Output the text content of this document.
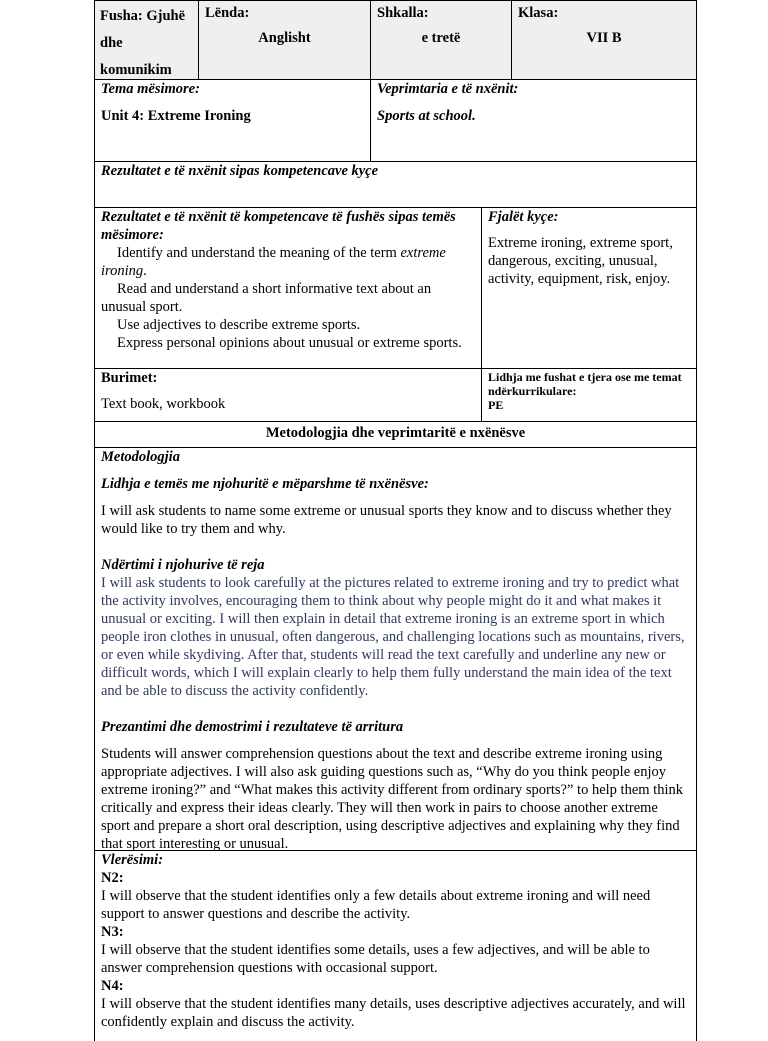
Fusha: Gjuhë

dhe

komunikim

Lënda:

Anglisht

Shkalla:

e tretë

Klasa:

VII B

Tema mësimore:

Unit 4: Extreme Ironing

Veprimtaria e të nxënit:

Sports at school.

Rezultatet e të nxënit sipas kompetencave kyçe

Rezultatet e të nxënit të kompetencave të fushës sipas temës mësimore:

Identify and understand the meaning of the term extreme ironing.

Read and understand a short informative text about an unusual sport.

Use adjectives to describe extreme sports.

Express personal opinions about unusual or extreme sports.

Fjalët kyçe:

Extreme ironing, extreme sport, dangerous, exciting, unusual, activity, equipment, risk, enjoy.

Burimet:

Text book, workbook

Lidhja me fushat e tjera ose me temat ndërkurrikulare:

PE

Metodologjia dhe veprimtaritë e nxënësve

Metodologjia

Lidhja e temës me njohuritë e mëparshme të nxënësve:

I will ask students to name some extreme or unusual sports they know and to discuss whether they would like to try them and why.

Ndërtimi i njohurive të reja

I will ask students to look carefully at the pictures related to extreme ironing and try to predict what the activity involves, encouraging them to think about why people might do it and what makes it unusual or exciting. I will then explain in detail that extreme ironing is an extreme sport in which people iron clothes in unusual, often dangerous, and challenging locations such as mountains, rivers, or even while skydiving. After that, students will read the text carefully and underline any new or difficult words, which I will explain clearly to help them fully understand the main idea of the text and be able to discuss the activity confidently.

Prezantimi dhe demostrimi i rezultateve të arritura

Students will answer comprehension questions about the text and describe extreme ironing using appropriate adjectives. I will also ask guiding questions such as, “Why do you think people enjoy extreme ironing?” and “What makes this activity different from ordinary sports?” to help them think critically and express their ideas clearly. They will then work in pairs to choose another extreme sport and prepare a short oral description, using descriptive adjectives and explaining why they find that sport interesting or unusual.

Vlerësimi:

N2:

I will observe that the student identifies only a few details about extreme ironing and will need support to answer questions and describe the activity.

N3:

I will observe that the student identifies some details, uses a few adjectives, and will be able to answer comprehension questions with occasional support.

N4:

I will observe that the student identifies many details, uses descriptive adjectives accurately, and will confidently explain and discuss the activity.
